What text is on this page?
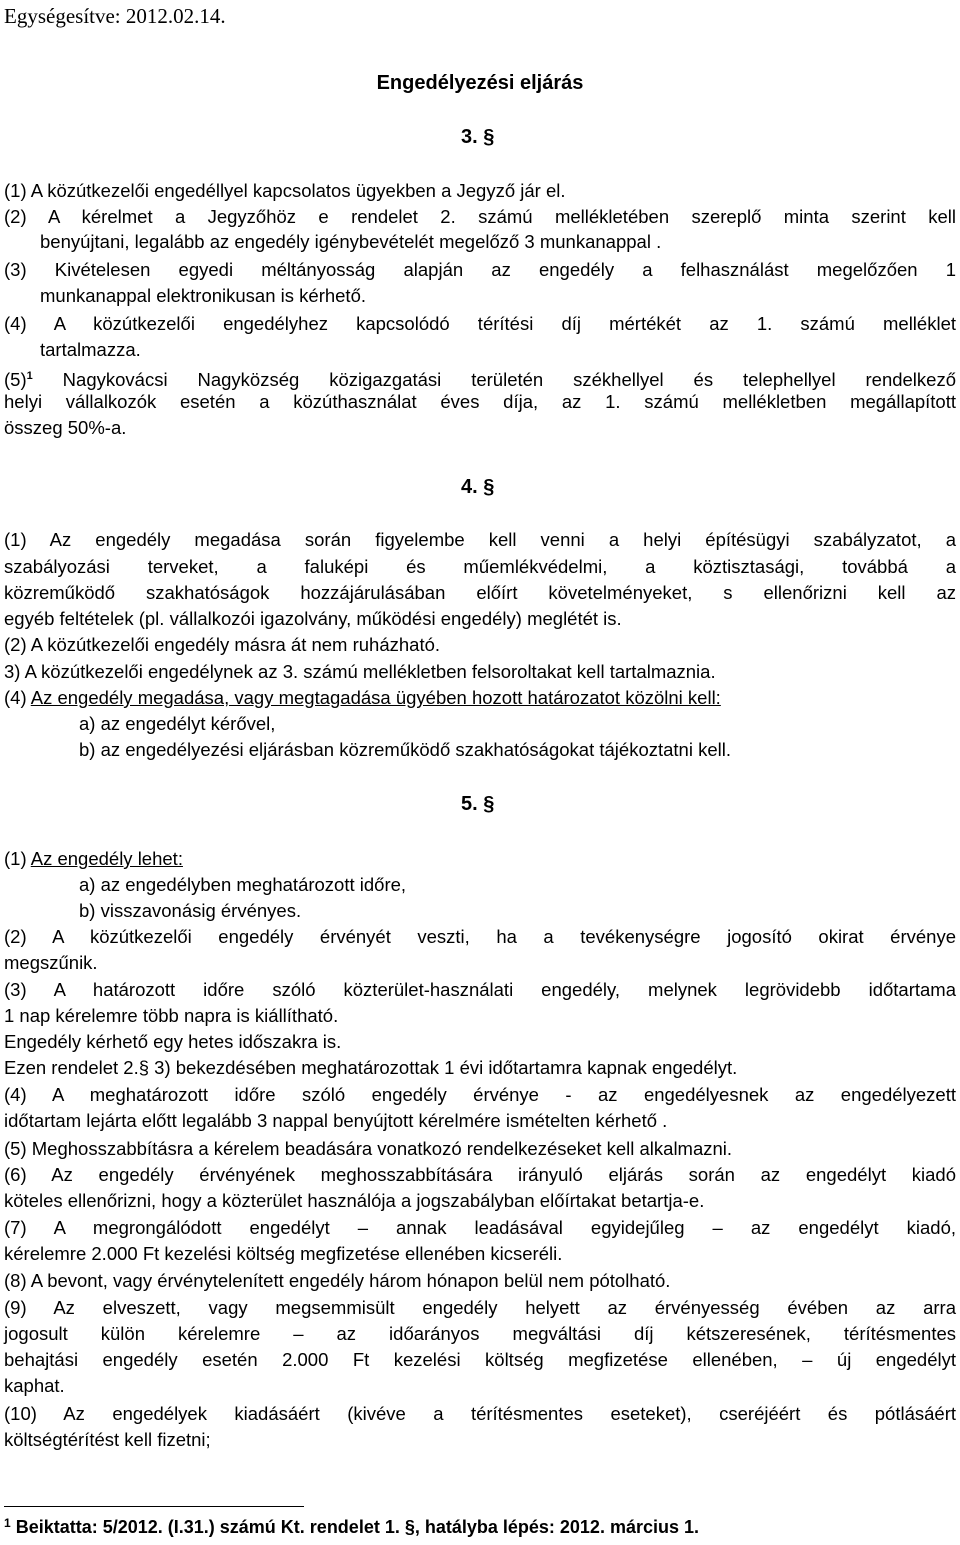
Egységesítve: 2012.02.14.
Engedélyezési eljárás
3. §
(1) A közútkezelői engedéllyel kapcsolatos ügyekben a Jegyző jár el.
(2) A kérelmet a Jegyzőhöz e rendelet 2. számú mellékletében szereplő minta szerint kell
benyújtani, legalább az engedély igénybevételét megelőző 3 munkanappal .
(3) Kivételesen egyedi méltányosság alapján az engedély a felhasználást megelőzően 1
munkanappal elektronikusan is kérhető.
(4) A közútkezelői engedélyhez kapcsolódó térítési díj mértékét az 1. számú melléklet
tartalmazza.
$(5)^1$ Nagykovácsi Nagyközség közigazgatási területén székhellyel és telephellyel rendelkező
helyi vállalkozók esetén a közúthasználat éves díja, az 1. számú mellékletben megállapított
összeg 50%-a.
4. §
(1) Az engedély megadása során figyelembe kell venni a helyi építésügyi szabályzatot, a
szabályozási terveket, a faluképi és műemlékvédelmi, a köztisztasági, továbbá a
közreműködő szakhatóságok hozzájárulásában előírt követelményeket, s ellenőrizni kell az
egyéb feltételek (pl. vállalkozói igazolvány, működési engedély) meglétét is.
(2) A közútkezelői engedély másra át nem ruházható.
3) A közútkezelői engedélynek az 3. számú mellékletben felsoroltakat kell tartalmaznia.
(4) Az engedély megadása, vagy megtagadása ügyében hozott határozatot közölni kell:
a) az engedélyt kérővel,
b) az engedélyezési eljárásban közreműködő szakhatóságokat tájékoztatni kell.
5. §
(1) Az engedély lehet:
a) az engedélyben meghatározott időre,
b) visszavonásig érvényes.
(2) A közútkezelői engedély érvényét veszti, ha a tevékenységre jogosító okirat érvénye
megszűnik.
(3) A határozott időre szóló közterület-használati engedély, melynek legrövidebb időtartama
1 nap kérelemre több napra is kiállítható.
Engedély kérhető egy hetes időszakra is.
Ezen rendelet 2.§ 3) bekezdésében meghatározottak 1 évi időtartamra kapnak engedélyt.
(4) A meghatározott időre szóló engedély érvénye - az engedélyesnek az engedélyezett
időtartam lejárta előtt legalább 3 nappal benyújtott kérelmére ismételten kérhető .
(5) Meghosszabbításra a kérelem beadására vonatkozó rendelkezéseket kell alkalmazni.
(6) Az engedély érvényének meghosszabbítására irányuló eljárás során az engedélyt kiadó
köteles ellenőrizni, hogy a közterület használója a jogszabályban előírtakat betartja-e.
(7) A megrongálódott engedélyt – annak leadásával egyidejűleg – az engedélyt kiadó,
kérelemre 2.000 Ft kezelési költség megfizetése ellenében kicseréli.
(8) A bevont, vagy érvénytelenített engedély három hónapon belül nem pótolható.
(9) Az elveszett, vagy megsemmisült engedély helyett az érvényesség évében az arra
jogosult külön kérelemre – az időarányos megváltási díj kétszeresének, térítésmentes
behajtási engedély esetén 2.000 Ft kezelési költség megfizetése ellenében, – új engedélyt
kaphat.
(10) Az engedélyek kiadásáért (kivéve a térítésmentes eseteket), cseréjéért és pótlásáért
költségtérítést kell fizetni;
$^1$ Beiktatta: 5/2012. (I.31.) számú Kt. rendelet 1. §, hatályba lépés: 2012. március 1.
